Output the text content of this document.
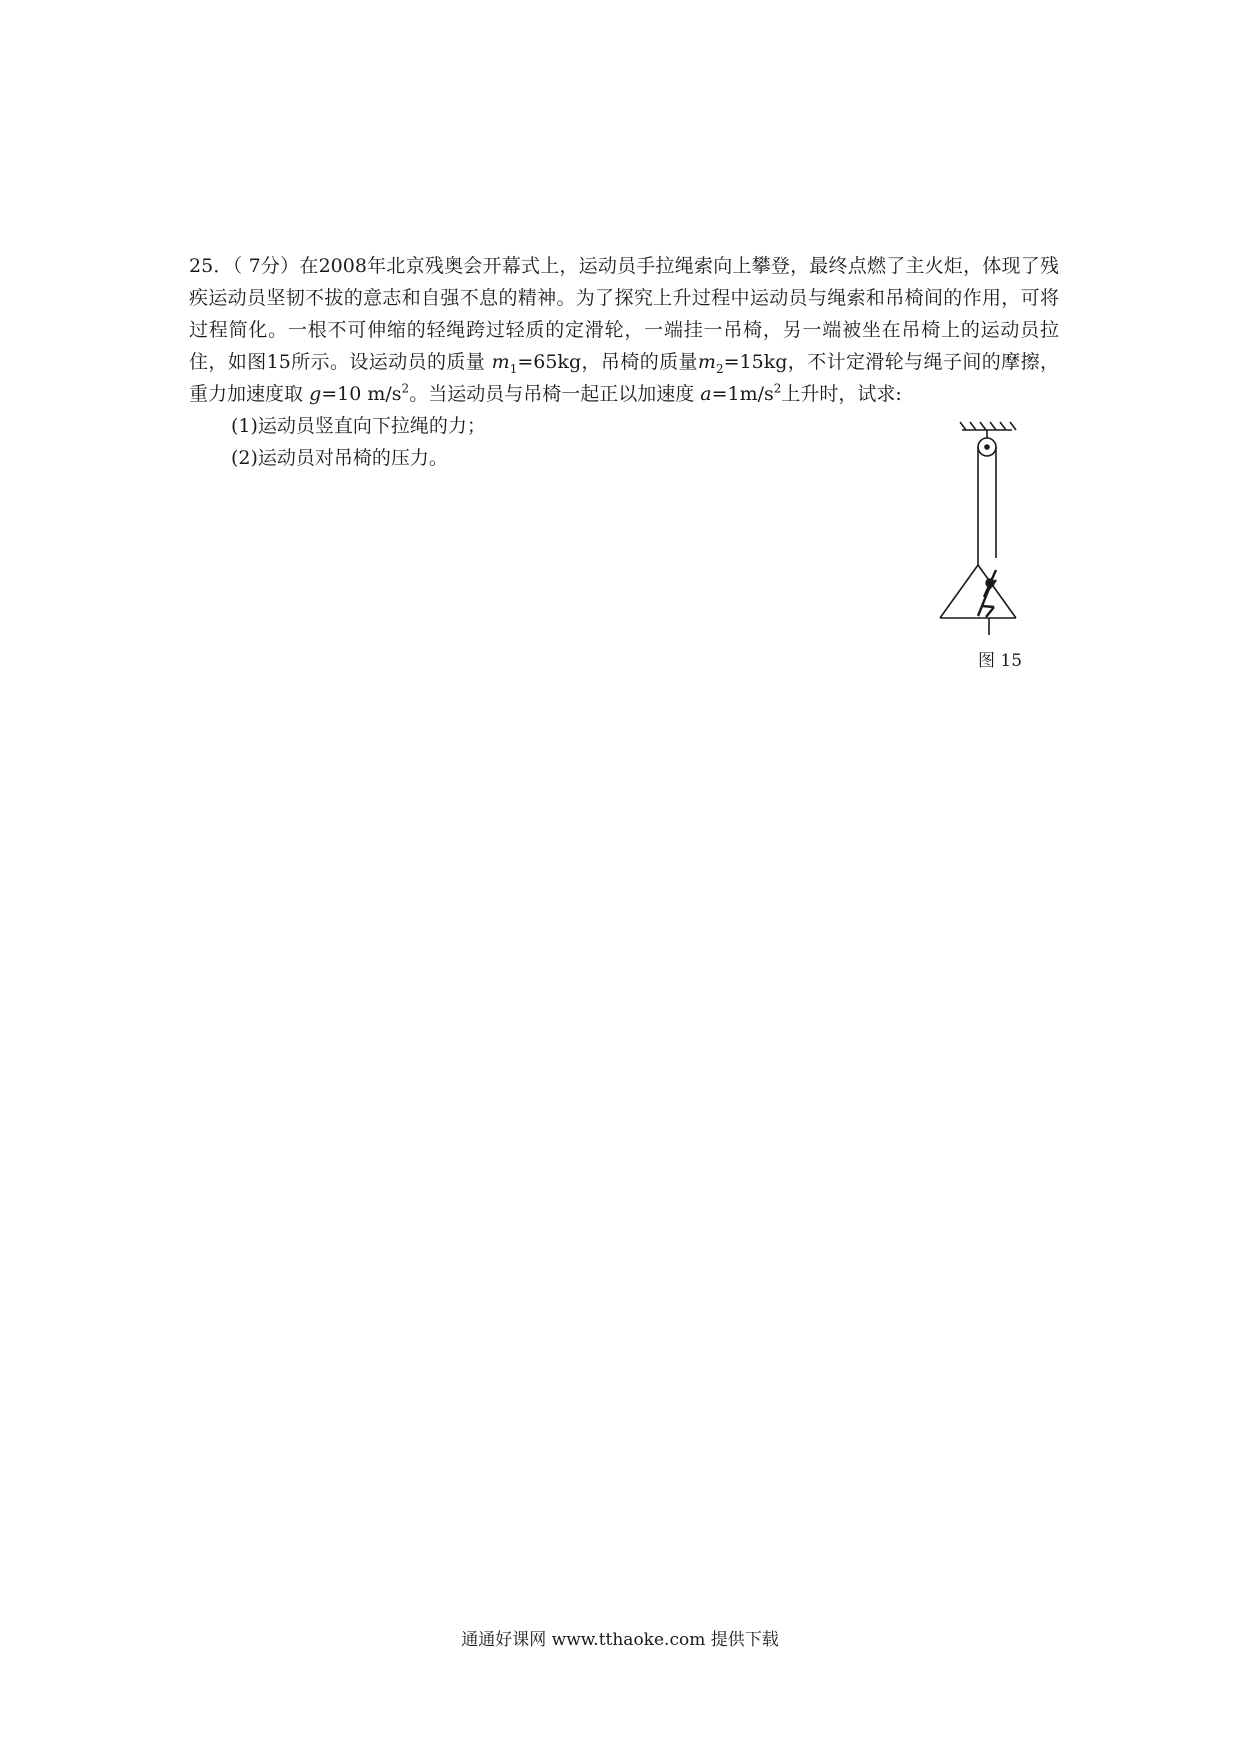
25．（ 7分）在2008年北京残奥会开幕式上，运动员手拉绳索向上攀登，最终点燃了主火炬，体现了残疾运动员坚韧不拔的意志和自强不息的精神。为了探究上升过程中运动员与绳索和吊椅间的作用，可将过程简化。一根不可伸缩的轻绳跨过轻质的定滑轮，一端挂一吊椅，另一端被坐在吊椅上的运动员拉住，如图15所示。设运动员的质量 $m_1=65kg$，吊椅的质量$m_2=15kg$，不计定滑轮与绳子间的摩擦，重力加速度取 g=10 $m/s^2$。当运动员与吊椅一起正以加速度 $a=1m/s^2$上升时，试求:

(1)运动员竖直向下拉绳的力；

(2)运动员对吊椅的压力。

图 15
通通好课网 www.tthaoke.com 提供下载
